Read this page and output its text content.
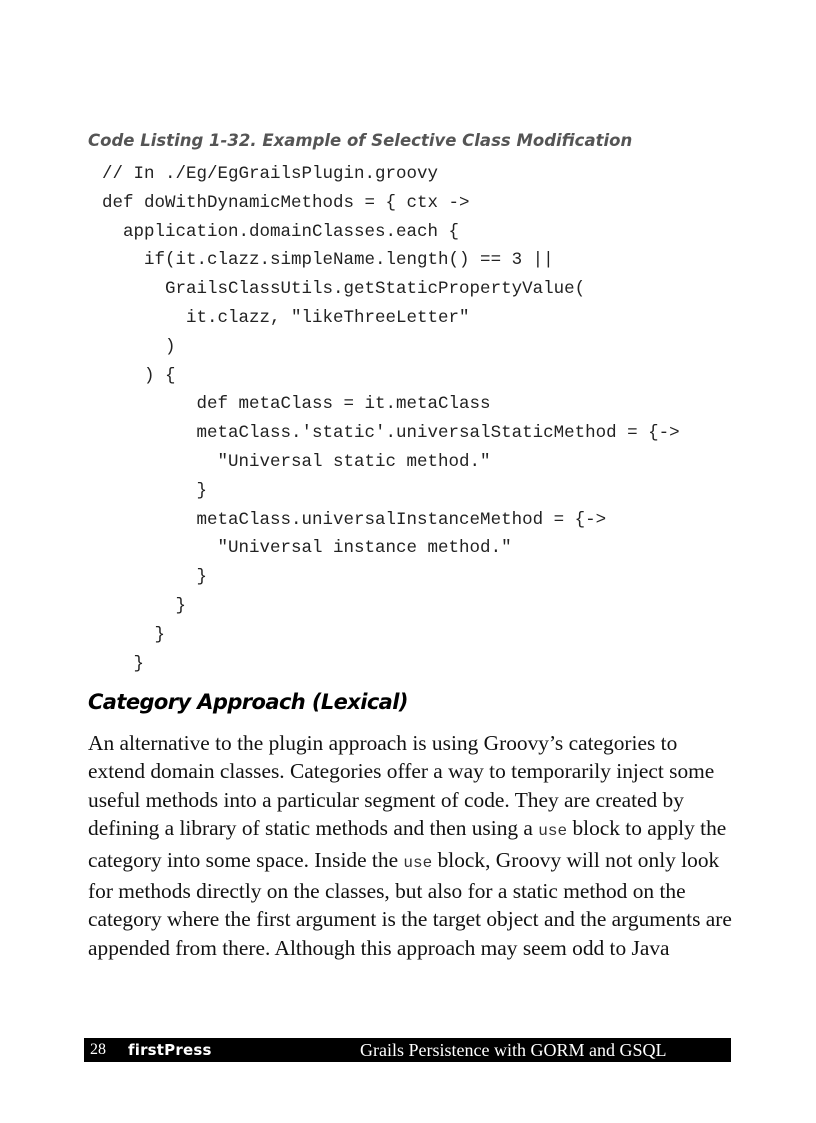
Code Listing 1-32. Example of Selective Class Modification

// In ./Eg/EgGrailsPlugin.groovy
def doWithDynamicMethods = { ctx ->
application.domainClasses.each {
if(it.clazz.simpleName.length() == 3 ||
GrailsClassUtils.getStaticPropertyValue(
it.clazz, "likeThreeLetter"
)
) {
def metaClass = it.metaClass
metaClass.'static'.universalStaticMethod = {->
"Universal static method."
}
metaClass.universalInstanceMethod = {->
"Universal instance method."
}
}
}
}
Category Approach (Lexical)

An alternative to the plugin approach is using Groovy’s categories to
extend domain classes. Categories offer a way to temporarily inject some
useful methods into a particular segment of code. They are created by
defining a library of static methods and then using a use block to apply the
category into some space. Inside the use block, Groovy will not only look
for methods directly on the classes, but also for a static method on the
category where the first argument is the target object and the arguments are
appended from there. Although this approach may seem odd to Java

28 firstPress	Grails Persistence with GORM and GSQL
